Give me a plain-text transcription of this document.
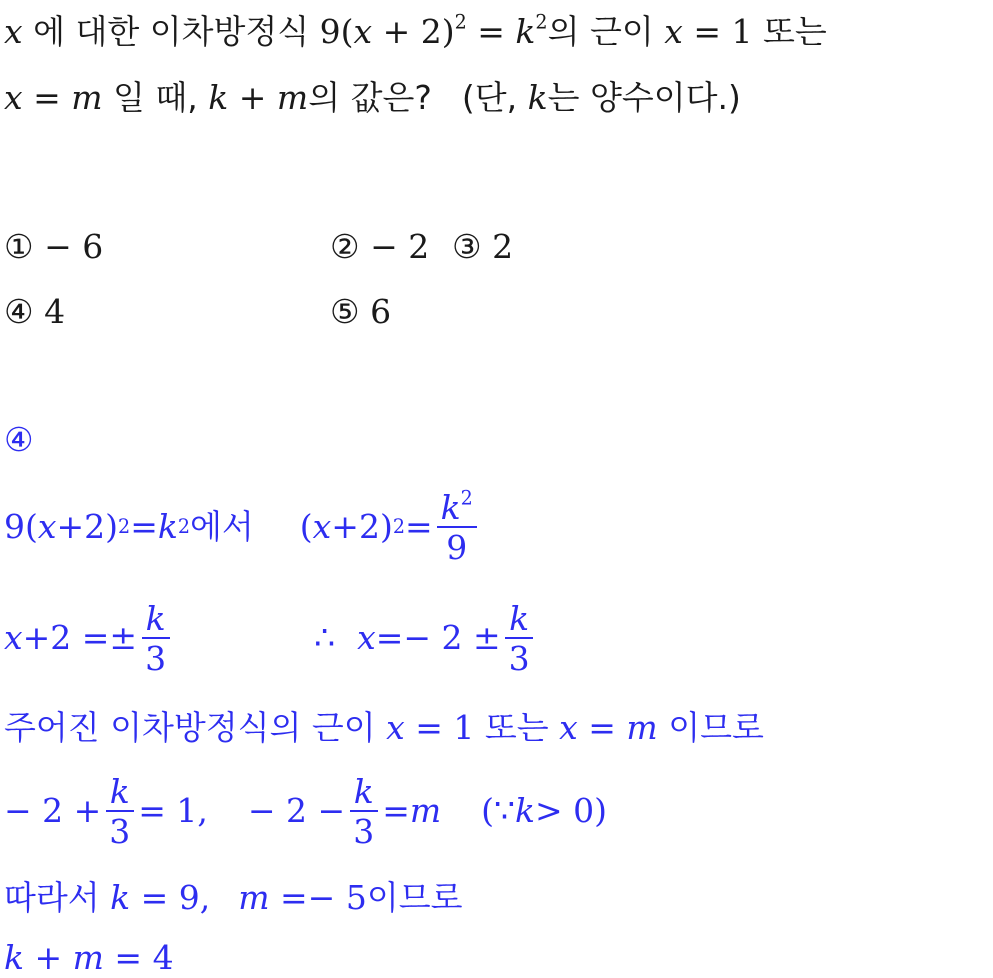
x 에 대한 이차방정식 $9(x + 2)^2 = k^2$의 근이 x = 1 또는
x = m 일 때, k + m의 값은? (단, k는 양수이다.)
① − 6	② − 2 ③ 2
④ 4	⑤ 6
④
9( x +2) 2 = k 2 에서 ( x +2) $2 = \frac{k^2}{9}$
$x +2 =\pm \frac{k}{3}$	∴ $x =- 2 \pm \frac{k}{3}$
주어진 이차방정식의 근이 x = 1 또는 x = m 이므로
− $2 + \frac{k}{3} = 1$, − $2 - \frac{k}{3} = m$ (∵ k > 0)
따라서 k = 9, m =− 5이므로
k + m = 4
